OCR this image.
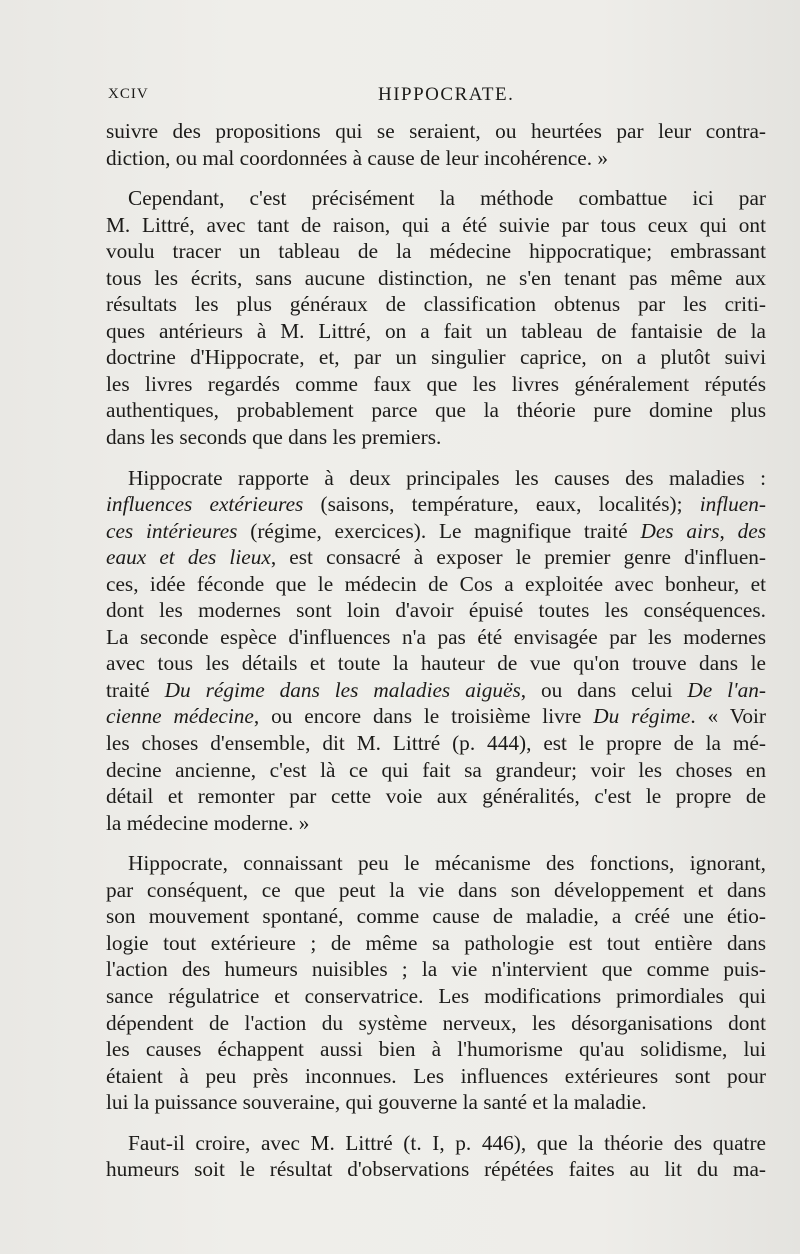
XCIV	HIPPOCRATE.
suivre des propositions qui se seraient, ou heurtées par leur contra-
diction, ou mal coordonnées à cause de leur incohérence. »
Cependant, c'est précisément la méthode combattue ici par
M. Littré, avec tant de raison, qui a été suivie par tous ceux qui ont
voulu tracer un tableau de la médecine hippocratique; embrassant
tous les écrits, sans aucune distinction, ne s'en tenant pas même aux
résultats les plus généraux de classification obtenus par les criti-
ques antérieurs à M. Littré, on a fait un tableau de fantaisie de la
doctrine d'Hippocrate, et, par un singulier caprice, on a plutôt suivi
les livres regardés comme faux que les livres généralement réputés
authentiques, probablement parce que la théorie pure domine plus
dans les seconds que dans les premiers.
Hippocrate rapporte à deux principales les causes des maladies :
influences extérieures (saisons, température, eaux, localités); influen-
ces intérieures (régime, exercices). Le magnifique traité Des airs, des
eaux et des lieux, est consacré à exposer le premier genre d'influen-
ces, idée féconde que le médecin de Cos a exploitée avec bonheur, et
dont les modernes sont loin d'avoir épuisé toutes les conséquences.
La seconde espèce d'influences n'a pas été envisagée par les modernes
avec tous les détails et toute la hauteur de vue qu'on trouve dans le
traité Du régime dans les maladies aiguës, ou dans celui De l'an-
cienne médecine, ou encore dans le troisième livre Du régime. « Voir
les choses d'ensemble, dit M. Littré (p. 444), est le propre de la mé-
decine ancienne, c'est là ce qui fait sa grandeur; voir les choses en
détail et remonter par cette voie aux généralités, c'est le propre de
la médecine moderne. »
Hippocrate, connaissant peu le mécanisme des fonctions, ignorant,
par conséquent, ce que peut la vie dans son développement et dans
son mouvement spontané, comme cause de maladie, a créé une étio-
logie tout extérieure ; de même sa pathologie est tout entière dans
l'action des humeurs nuisibles ; la vie n'intervient que comme puis-
sance régulatrice et conservatrice. Les modifications primordiales qui
dépendent de l'action du système nerveux, les désorganisations dont
les causes échappent aussi bien à l'humorisme qu'au solidisme, lui
étaient à peu près inconnues. Les influences extérieures sont pour
lui la puissance souveraine, qui gouverne la santé et la maladie.
Faut-il croire, avec M. Littré (t. I, p. 446), que la théorie des quatre
humeurs soit le résultat d'observations répétées faites au lit du ma-
